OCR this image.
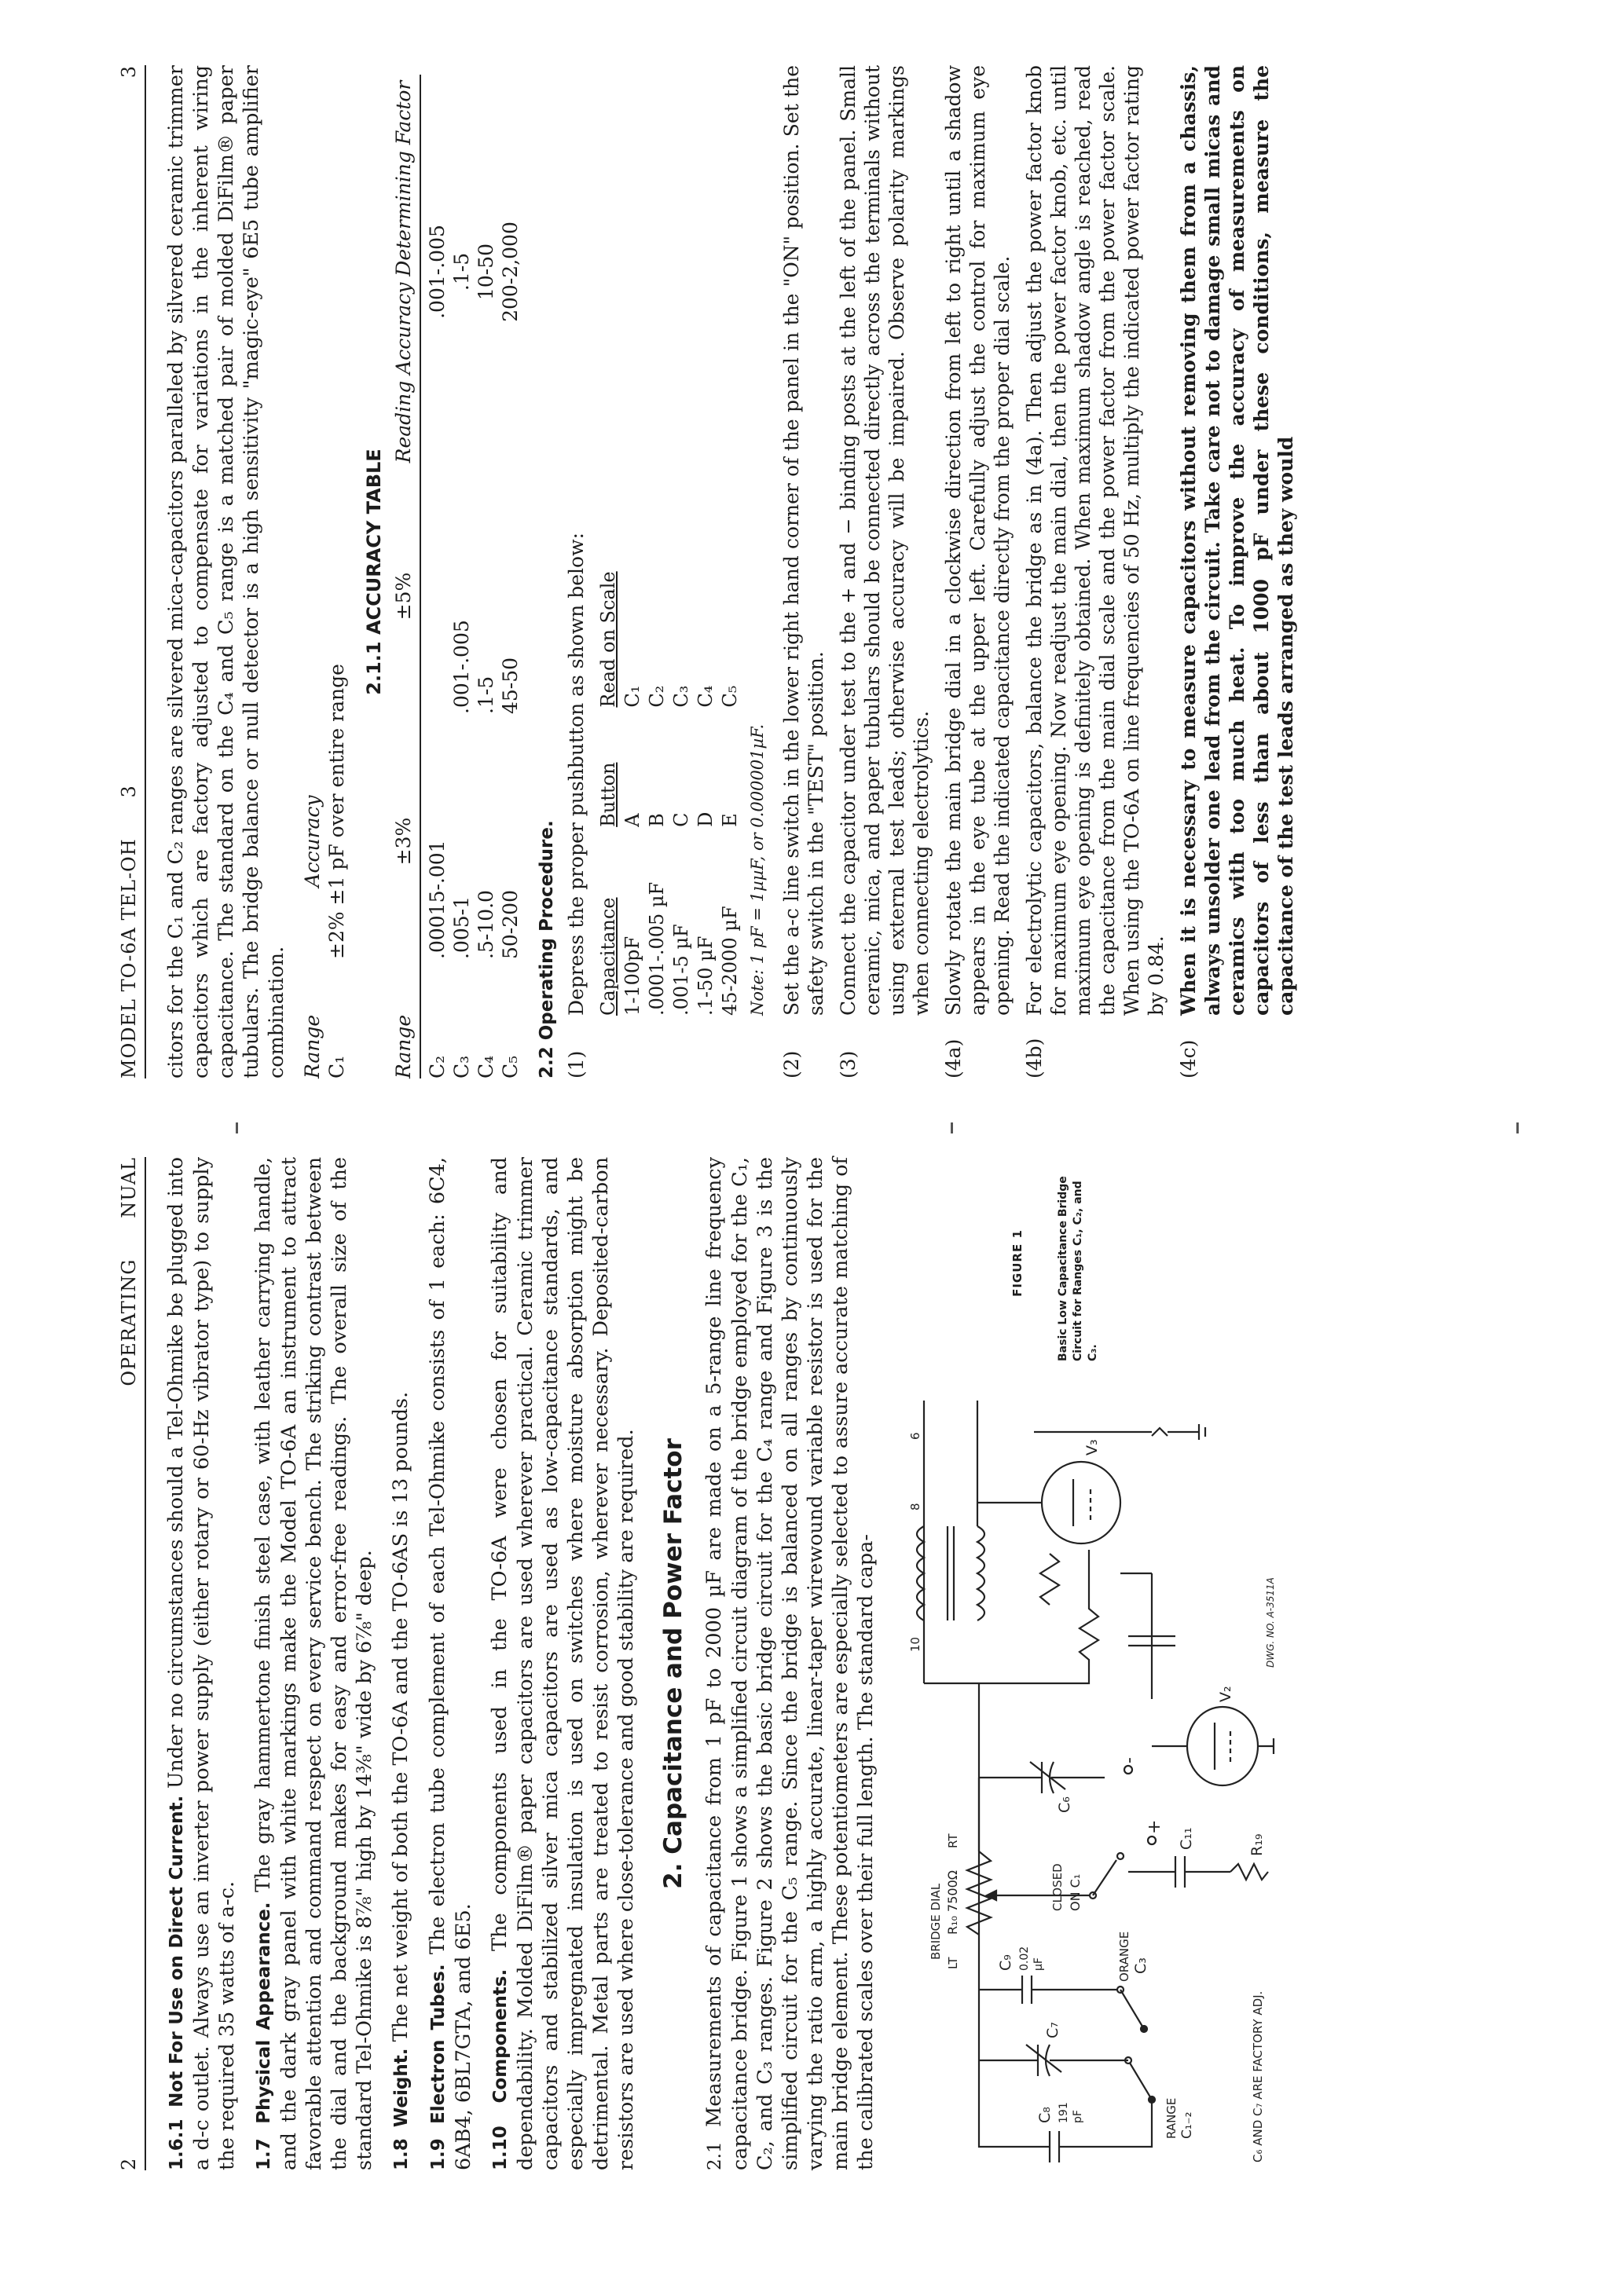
2
OPERATING      NUAL

1.6.1 Not For Use on Direct Current. Under no circumstances should a Tel-Ohmike be plugged into a d-c outlet. Always use an inverter power supply (either rotary or 60-Hz vibrator type) to supply the required 35 watts of a-c. 1.7 Physical Appearance. The gray hammertone finish steel case, with leather carrying handle, and the dark gray panel with white markings make the Model TO-6A an instrument to attract favorable attention and command respect on every service bench. The striking contrast between the dial and the background makes for easy and error-free readings. The overall size of the standard Tel-Ohmike is 8⅞" high by 14⅜" wide by 6⅞" deep. 1.8 Weight. The net weight of both the TO-6A and the TO-6AS is 13 pounds.

1.9 Electron Tubes. The electron tube complement of each Tel-Ohmike consists of 1 each: 6C4, 6AB4, 6BL7GTA, and 6E5. 1.10 Components. The components used in the TO-6A were chosen for suitability and dependability. Molded DiFilm® paper capacitors are used wherever practical. Ceramic trimmer capacitors and stabilized silver mica capacitors are used as low-capacitance standards, and especially impregnated insulation is used on switches where moisture absorption might be detrimental. Metal parts are treated to resist corrosion, wherever necessary. Deposited-carbon resistors are used where close-tolerance and good stability are required. 2. Capacitance and Power Factor

2.1 Measurements of capacitance from 1 pF to 2000 µF are made on a 5-range line frequency capacitance bridge. Figure 1 shows a simplified circuit diagram of the bridge employed for the C₁, C₂, and C₃ ranges. Figure 2 shows the basic bridge circuit for the C₄ range and Figure 3 is the simplified circuit for the C₅ range. Since the bridge is balanced on all ranges by continuously varying the ratio arm, a highly accurate, linear-taper wirewound variable resistor is used for the main bridge element. These potentiometers are especially selected to assure accurate matching of the calibrated scales over their full length. The standard capa-	C₈ 191 pF	RANGE C₁₋₂
C₇
C₉ 0.02 µF	ORANGE C₃
BRIDGE DIAL
LT
R₁₀ 7500Ω
RT
CLOSED ON C₁
C₆
+
-
C₁₁	R₁₉
V₂
10
8
6
V₃
C₆ AND C₇ ARE FACTORY ADJ.
DWG. NO. A-3511A
FIGURE 1	Basic Low Capacitance Bridge Circuit for Ranges C₁, C₂, and C₃.
MODEL TO-6A TEL-OH      3
3 citors for the C₁ and C₂ ranges are silvered mica-capacitors paralleled by silvered ceramic trimmer capacitors which are factory adjusted to compensate for variations in the inherent wiring capacitance. The standard on the C₄ and C₅ range is a matched pair of molded DiFilm® paper tubulars. The bridge balance or null detector is a high sensitivity "magic-eye" 6E5 tube amplifier combination. Range	Accuracy	
C₁	±2% ±1 pF over entire range	
2.1.1 ACCURACY TABLE
Range	±3%	±5%	Reading Accuracy Determining Factor

C₂	.00015-.001		.001-.005
C₃	.005-1	.001-.005	.1-5
C₄	.5-10.0	.1-5	10-50
C₅	50-200	45-50	200-2,000
2.2 Operating Procedure. (1)
Depress the proper pushbutton as shown below: Capacitance	Button	Read on Scale
1-100pF	A	C₁
.0001-.005 µF	B	C₂
.001-5 µF	C	C₃
.1-50 µF	D	C₄
45-2000 µF	E	C₅
Note: 1 pF = 1µµF, or 0.000001µF.
(2)
Set the a-c line switch in the lower right hand corner of the panel in the "ON" position. Set the safety switch in the "TEST" position.
(3)
Connect the capacitor under test to the + and − binding posts at the left of the panel. Small ceramic, mica, and paper tubulars should be connected directly across the terminals without using external test leads; otherwise accuracy will be impaired. Observe polarity markings when connecting electrolytics.
(4a)
Slowly rotate the main bridge dial in a clockwise direction from left to right until a shadow appears in the eye tube at the upper left. Carefully adjust the control for maximum eye opening. Read the indicated capacitance directly from the proper dial scale.
(4b)
For electrolytic capacitors, balance the bridge as in (4a). Then adjust the power factor knob for maximum eye opening. Now readjust the main dial, then the power factor knob, etc. until maximum eye opening is definitely obtained. When maximum shadow angle is reached, read the capacitance from the main dial scale and the power factor from the power factor scale. When using the TO-6A on line frequencies of 50 Hz, multiply the indicated power factor rating by 0.84.
(4c)
When it is necessary to measure capacitors without removing them from a chassis, always unsolder one lead from the circuit. Take care not to damage small micas and ceramics with too much heat. To improve the accuracy of measurements on capacitors of less than about 1000 pF under these conditions, measure the capacitance of the test leads arranged as they would
